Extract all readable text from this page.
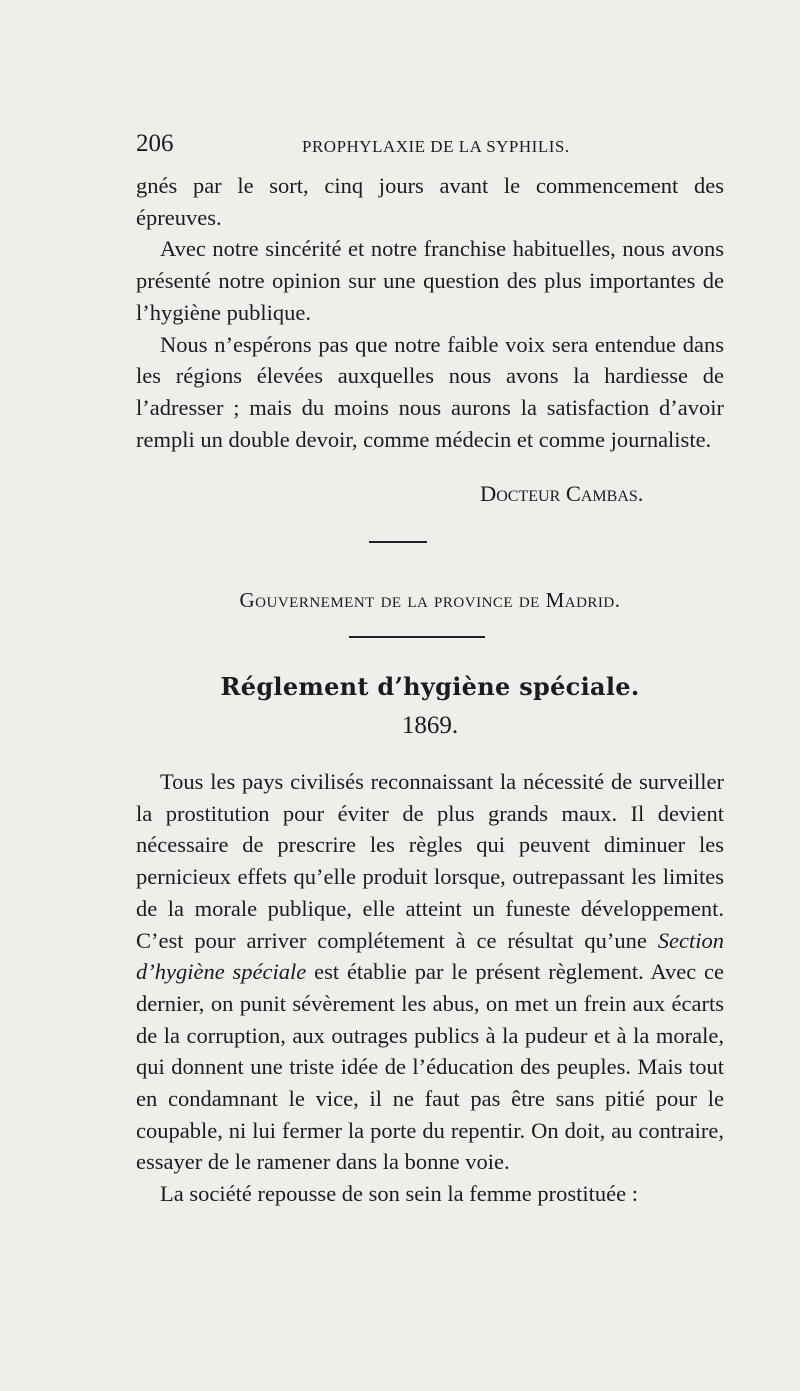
206	PROPHYLAXIE DE LA SYPHILIS.

gnés par le sort, cinq jours avant le commencement des épreuves.

Avec notre sincérité et notre franchise habituelles, nous avons présenté notre opinion sur une question des plus importantes de l’hygiène publique.

Nous n’espérons pas que notre faible voix sera entendue dans les régions élevées auxquelles nous avons la hardiesse de l’adresser ; mais du moins nous aurons la satisfaction d’avoir rempli un double devoir, comme médecin et comme journaliste.

Docteur Cambas.
Gouvernement de la province de Madrid.
Réglement d’hygiène spéciale.
1869.

Tous les pays civilisés reconnaissant la nécessité de surveiller la prostitution pour éviter de plus grands maux. Il devient nécessaire de prescrire les règles qui peuvent diminuer les pernicieux effets qu’elle produit lorsque, outrepassant les limites de la morale publique, elle atteint un funeste développement. C’est pour arriver complétement à ce résultat qu’une Section d’hygiène spéciale est établie par le présent règlement. Avec ce dernier, on punit sévèrement les abus, on met un frein aux écarts de la corruption, aux outrages publics à la pudeur et à la morale, qui donnent une triste idée de l’éducation des peuples. Mais tout en condamnant le vice, il ne faut pas être sans pitié pour le coupable, ni lui fermer la porte du repentir. On doit, au contraire, essayer de le ramener dans la bonne voie.

La société repousse de son sein la femme prostituée :
